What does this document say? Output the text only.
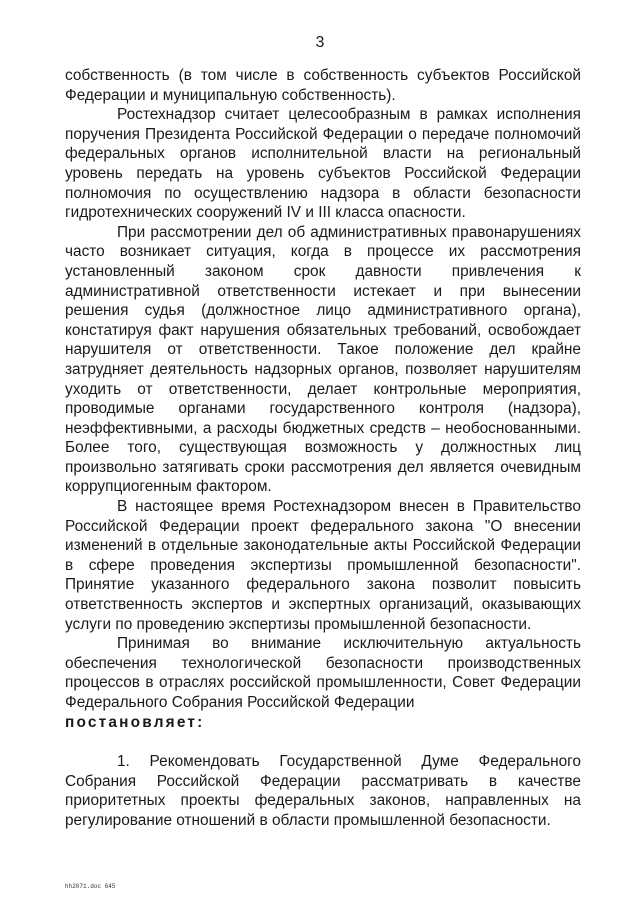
3

собственность (в том числе в собственность субъектов Российской Федерации и муниципальную собственность).

Ростехнадзор считает целесообразным в рамках исполнения поручения Президента Российской Федерации о передаче полномочий федеральных органов исполнительной власти на региональный уровень передать на уровень субъектов Российской Федерации полномочия по осуществлению надзора в области безопасности гидротехнических сооружений IV и III класса опасности.

При рассмотрении дел об административных правонарушениях часто возникает ситуация, когда в процессе их рассмотрения установленный законом срок давности привлечения к административной ответственности истекает и при вынесении решения судья (должностное лицо административного органа), констатируя факт нарушения обязательных требований, освобождает нарушителя от ответственности. Такое положение дел крайне затрудняет деятельность надзорных органов, позволяет нарушителям уходить от ответственности, делает контрольные мероприятия, проводимые органами государственного контроля (надзора), неэффективными, а расходы бюджетных средств – необоснованными. Более того, существующая возможность у должностных лиц произвольно затягивать сроки рассмотрения дел является очевидным коррупциогенным фактором.

В настоящее время Ростехнадзором внесен в Правительство Российской Федерации проект федерального закона "О внесении изменений в отдельные законодательные акты Российской Федерации в сфере проведения экспертизы промышленной безопасности". Принятие указанного федерального закона позволит повысить ответственность экспертов и экспертных организаций, оказывающих услуги по проведению экспертизы промышленной безопасности.

Принимая во внимание исключительную актуальность обеспечения технологической безопасности производственных процессов в отраслях российской промышленности, Совет Федерации Федерального Собрания Российской Федерации

постановляет:

1. Рекомендовать Государственной Думе Федерального Собрания Российской Федерации рассматривать в качестве приоритетных проекты федеральных законов, направленных на регулирование отношений в области промышленной безопасности.

hh2071.doc 645
